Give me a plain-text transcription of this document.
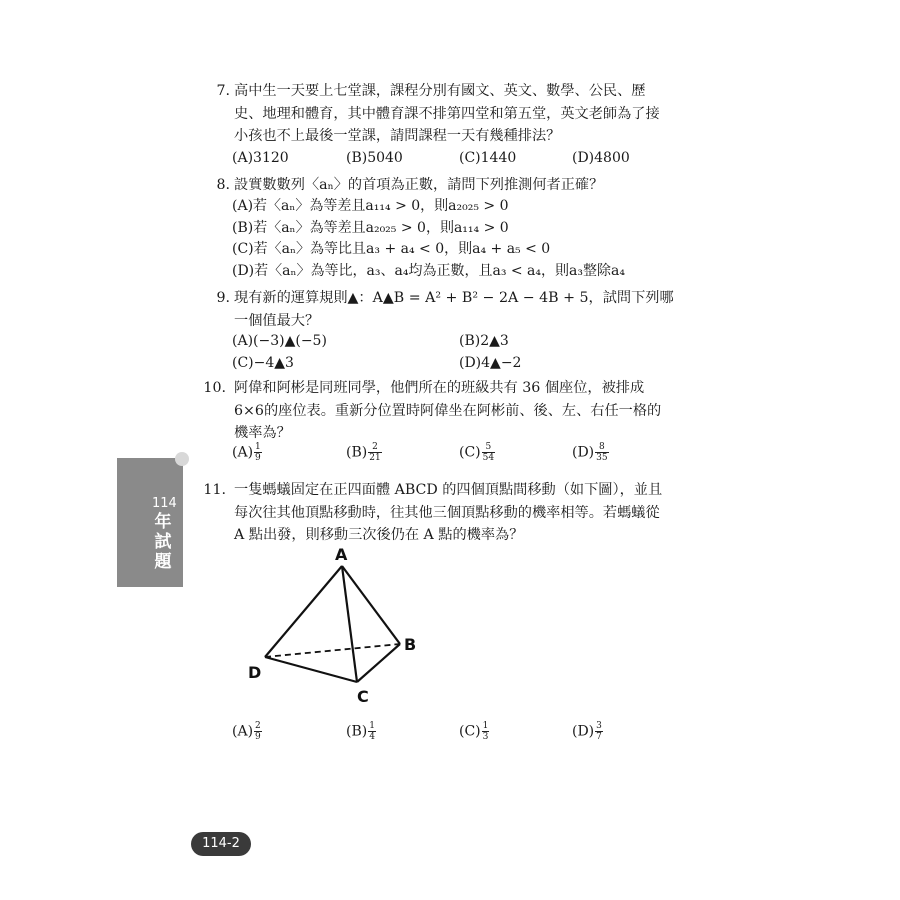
114
年試題
7. 高中生一天要上七堂課，課程分別有國文、英文、數學、公民、歷
史、地理和體育，其中體育課不排第四堂和第五堂，英文老師為了接
小孩也不上最後一堂課，請問課程一天有幾種排法？
(A)3120	(B)5040	(C)1440	(D)4800
8. 設實數數列〈aₙ〉的首項為正數，請問下列推測何者正確？
(A)若〈aₙ〉為等差且a₁₁₄ > 0，則a₂₀₂₅ > 0
(B)若〈aₙ〉為等差且a₂₀₂₅ > 0，則a₁₁₄ > 0
(C)若〈aₙ〉為等比且a₃ + a₄ < 0，則a₄ + a₅ < 0
(D)若〈aₙ〉為等比，a₃、a₄均為正數，且a₃ < a₄，則a₃整除a₄
9. 現有新的運算規則▲：A▲B = A² + B² − 2A − 4B + 5，試問下列哪
一個值最大？
(A)(−3)▲(−5)	(B)2▲3
(C)−4▲3	(D)4▲−2
10. 阿偉和阿彬是同班同學，他們所在的班級共有 36 個座位，被排成
6×6的座位表。重新分位置時阿偉坐在阿彬前、後、左、右任一格的
機率為？
$(A) \frac{1}{9}$	$(B) \frac{2}{21}$	$(C) \frac{5}{54}$	$(D) \frac{8}{35}$
11. 一隻螞蟻固定在正四面體 ABCD 的四個頂點間移動（如下圖），並且
每次往其他頂點移動時，往其他三個頂點移動的機率相等。若螞蟻從
A 點出發，則移動三次後仍在 A 點的機率為？
A
B
C
D
$(A) \frac{2}{9}$	$(B) \frac{1}{4}$	$(C) \frac{1}{3}$	$(D) \frac{3}{7}$
114-2
